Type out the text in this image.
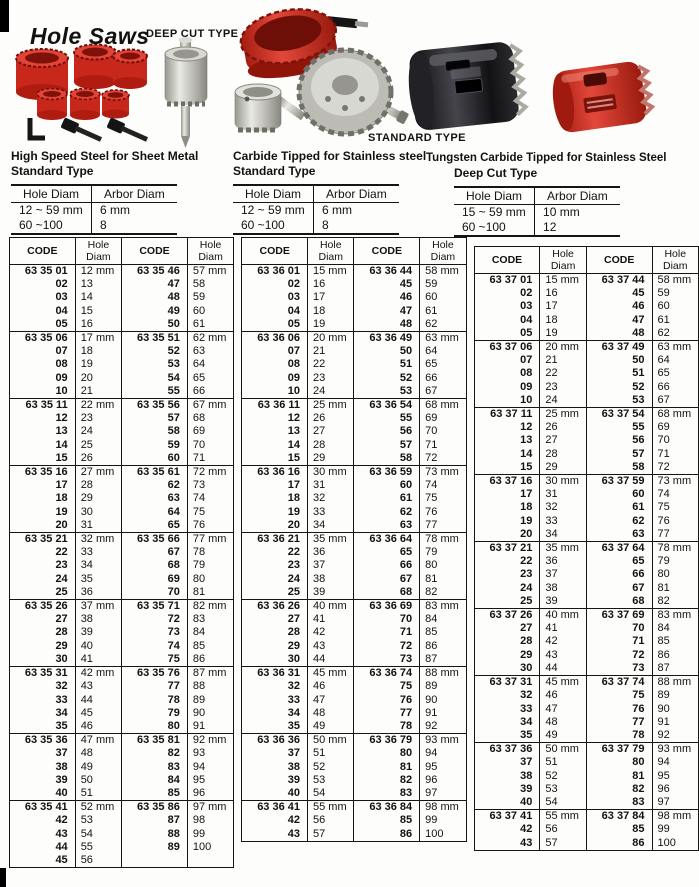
Hole Saws
DEEP CUT TYPE
STANDARD TYPE
High Speed Steel for Sheet Metal
Standard Type
Hole Diam	Arbor Diam
12 ~ 59 mm	6 mm
60 ~100	8
Carbide Tipped for Stainless steel
Standard Type
Hole Diam	Arbor Diam
12 ~ 59 mm	6 mm
60 ~100	8
Tungsten Carbide Tipped for Stainless Steel
Deep Cut Type
Hole Diam	Arbor Diam
15 ~ 59 mm	10 mm
60 ~100	12
CODE	Hole Diam	CODE	Hole Diam
63 35 01	12 mm	63 35 46	57 mm
02	13	47	58
03	14	48	59
04	15	49	60
05	16	50	61
63 35 06	17 mm	63 35 51	62 mm
07	18	52	63
08	19	53	64
09	20	54	65
10	21	55	66
63 35 11	22 mm	63 35 56	67 mm
12	23	57	68
13	24	58	69
14	25	59	70
15	26	60	71
63 35 16	27 mm	63 35 61	72 mm
17	28	62	73
18	29	63	74
19	30	64	75
20	31	65	76
63 35 21	32 mm	63 35 66	77 mm
22	33	67	78
23	34	68	79
24	35	69	80
25	36	70	81
63 35 26	37 mm	63 35 71	82 mm
27	38	72	83
28	39	73	84
29	40	74	85
30	41	75	86
63 35 31	42 mm	63 35 76	87 mm
32	43	77	88
33	44	78	89
34	45	79	90
35	46	80	91
63 35 36	47 mm	63 35 81	92 mm
37	48	82	93
38	49	83	94
39	50	84	95
40	51	85	96
63 35 41	52 mm	63 35 86	97 mm
42	53	87	98
43	54	88	99
44	55	89	100
45	56		
CODE	Hole Diam	CODE	Hole Diam
63 36 01	15 mm	63 36 44	58 mm
02	16	45	59
03	17	46	60
04	18	47	61
05	19	48	62
63 36 06	20 mm	63 36 49	63 mm
07	21	50	64
08	22	51	65
09	23	52	66
10	24	53	67
63 36 11	25 mm	63 36 54	68 mm
12	26	55	69
13	27	56	70
14	28	57	71
15	29	58	72
63 36 16	30 mm	63 36 59	73 mm
17	31	60	74
18	32	61	75
19	33	62	76
20	34	63	77
63 36 21	35 mm	63 36 64	78 mm
22	36	65	79
23	37	66	80
24	38	67	81
25	39	68	82
63 36 26	40 mm	63 36 69	83 mm
27	41	70	84
28	42	71	85
29	43	72	86
30	44	73	87
63 36 31	45 mm	63 36 74	88 mm
32	46	75	89
33	47	76	90
34	48	77	91
35	49	78	92
63 36 36	50 mm	63 36 79	93 mm
37	51	80	94
38	52	81	95
39	53	82	96
40	54	83	97
63 36 41	55 mm	63 36 84	98 mm
42	56	85	99
43	57	86	100
CODE	Hole Diam	CODE	Hole Diam
63 37 01	15 mm	63 37 44	58 mm
02	16	45	59
03	17	46	60
04	18	47	61
05	19	48	62
63 37 06	20 mm	63 37 49	63 mm
07	21	50	64
08	22	51	65
09	23	52	66
10	24	53	67
63 37 11	25 mm	63 37 54	68 mm
12	26	55	69
13	27	56	70
14	28	57	71
15	29	58	72
63 37 16	30 mm	63 37 59	73 mm
17	31	60	74
18	32	61	75
19	33	62	76
20	34	63	77
63 37 21	35 mm	63 37 64	78 mm
22	36	65	79
23	37	66	80
24	38	67	81
25	39	68	82
63 37 26	40 mm	63 37 69	83 mm
27	41	70	84
28	42	71	85
29	43	72	86
30	44	73	87
63 37 31	45 mm	63 37 74	88 mm
32	46	75	89
33	47	76	90
34	48	77	91
35	49	78	92
63 37 36	50 mm	63 37 79	93 mm
37	51	80	94
38	52	81	95
39	53	82	96
40	54	83	97
63 37 41	55 mm	63 37 84	98 mm
42	56	85	99
43	57	86	100
